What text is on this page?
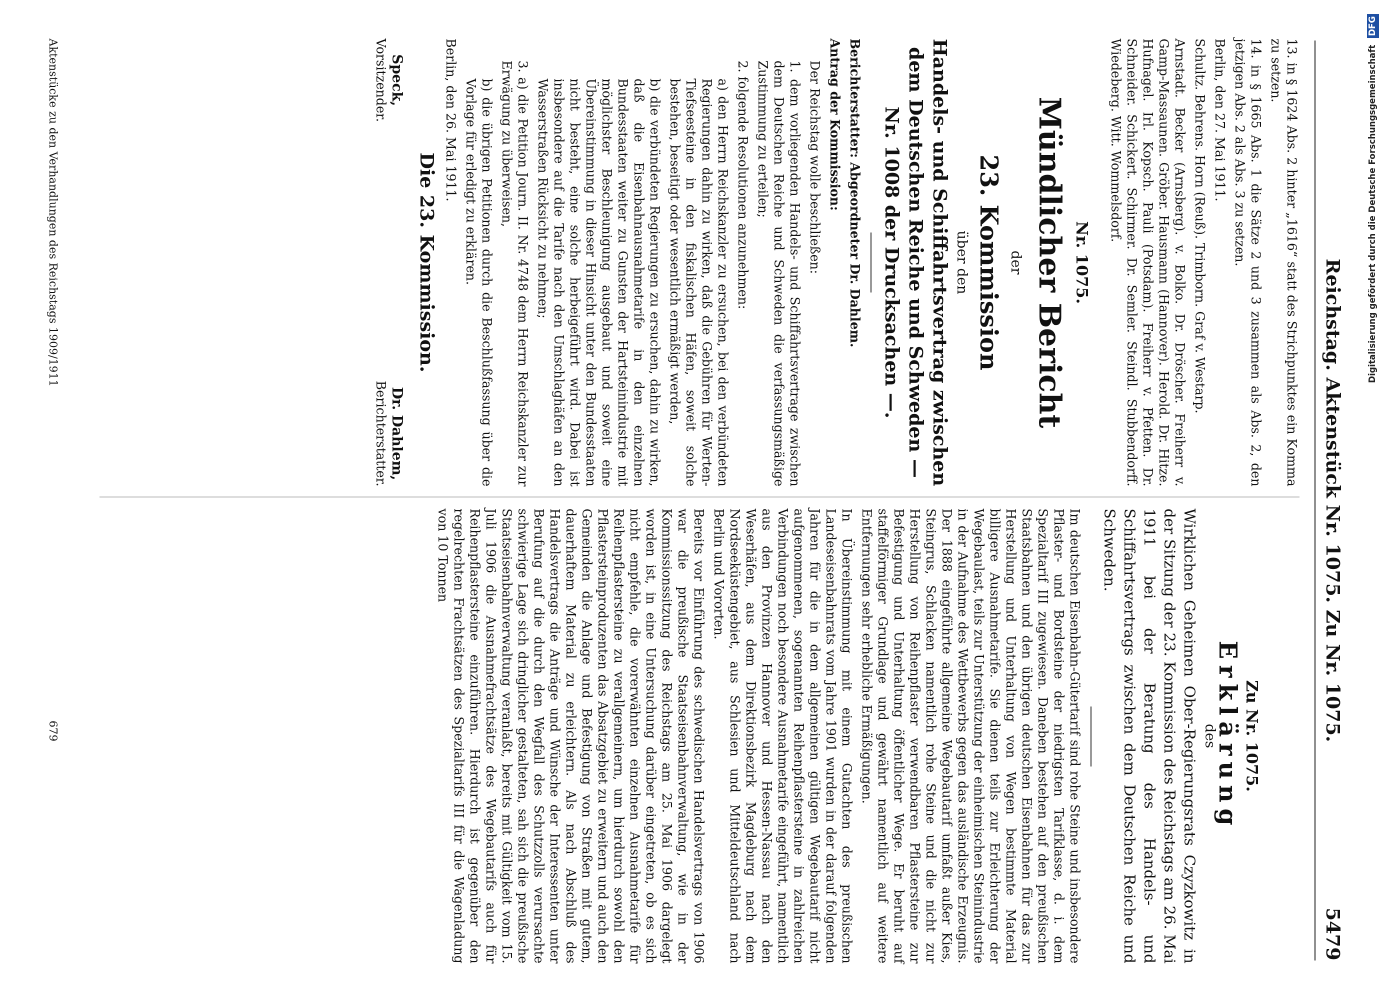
Reichstag. Aktenstück Nr. 1075. Zu Nr. 1075.
5479

13. in § 1624 Abs. 2 hinter „1616“ statt des Strichpunktes ein Komma zu setzen.

14. in § 1665 Abs. 1 die Sätze 2 und 3 zusammen als Abs. 2, den jetzigen Abs. 2 als Abs. 3 zu setzen.

Berlin, den 27. Mai 1911.

Schultz. Behrens. Horn (Reuß). Trimborn. Graf v. Westarp.

Arnstadt. Becker (Arnsberg). v. Bolko. Dr. Dröscher. Freiherr v. Gamp-Massaunen. Gröber. Hausmann (Hannover). Herold. Dr. Hitze. Hufnagel. Irl. Kopsch. Pauli (Potsdam). Freiherr v. Pfetten. Dr. Schneider. Schickert. Schirmer. Dr. Semler. Steindl. Stubbendorff. Wiedeberg. Witt. Wommelsdorf.

Nr. 1075.
Mündlicher Bericht
der
23. Kommission
über den
Handels- und Schiffahrtsvertrag zwischen dem Deutschen Reiche und Schweden — Nr. 1008 der Drucksachen —.

Berichterstatter: Abgeordneter Dr. Dahlem.

Antrag der Kommission:

Der Reichstag wolle beschließen:

1. dem vorliegenden Handels- und Schiffahrtsvertrage zwischen dem Deutschen Reiche und Schweden die verfassungsmäßige Zustimmung zu erteilen;

2. folgende Resolutionen anzunehmen:

a) den Herrn Reichskanzler zu ersuchen, bei den verbündeten Regierungen dahin zu wirken, daß die Gebühren für Werten-Tiefseesteine in den fiskalischen Häfen, soweit solche bestehen, beseitigt oder wesentlich ermäßigt werden,

b) die verbündeten Regierungen zu ersuchen, dahin zu wirken, daß die Eisenbahnausnahmetarife in den einzelnen Bundesstaaten weiter zu Gunsten der Hartsteinindustrie mit möglichster Beschleunigung ausgebaut und soweit eine Übereinstimmung in dieser Hinsicht unter den Bundesstaaten nicht besteht, eine solche herbeigeführt wird. Dabei ist insbesondere auf die Tarife nach den Umschlaghäfen an den Wasserstraßen Rücksicht zu nehmen;

3. a) die Petition Journ. II. Nr. 4748 dem Herrn Reichskanzler zur Erwägung zu überweisen,

b) die übrigen Petitionen durch die Beschlußfassung über die Vorlage für erledigt zu erklären.

Berlin, den 26. Mai 1911.

Die 23. Kommission.
Speck,
Vorsitzender.
Dr. Dahlem,
Berichterstatter.
Zu Nr. 1075.
Erklärung
des

Wirklichen Geheimen Ober-Regierungsrats Czyzkowitz in der Sitzung der 23. Kommission des Reichstags am 26. Mai 1911 bei der Beratung des Handels- und Schiffahrtsvertrags zwischen dem Deutschen Reiche und Schweden.

Im deutschen Eisenbahn-Gütertarif sind rohe Steine und insbesondere Pflaster- und Bordsteine der niedrigsten Tarifklasse, d. i. dem Spezialtarif III zugewiesen. Daneben bestehen auf den preußischen Staatsbahnen und den übrigen deutschen Eisenbahnen für das zur Herstellung und Unterhaltung von Wegen bestimmte Material billigere Ausnahmetarife. Sie dienen teils zur Erleichterung der Wegebaulast, teils zur Unterstützung der einheimischen Steinindustrie in der Aufnahme des Wettbewerbs gegen das ausländische Erzeugnis. Der 1888 eingeführte allgemeine Wegebautarif umfaßt außer Kies, Steingrus, Schlacken namentlich rohe Steine und die nicht zur Herstellung von Reihenpflaster verwendbaren Pflastersteine zur Befestigung und Unterhaltung öffentlicher Wege. Er beruht auf staffelförmiger Grundlage und gewährt namentlich auf weitere Entfernungen sehr erhebliche Ermäßigungen.

In Übereinstimmung mit einem Gutachten des preußischen Landeseisenbahnrats vom Jahre 1901 wurden in der darauf folgenden Jahren für die in dem allgemeinen gültigen Wegebautarif nicht aufgenommenen, sogenannten Reihenpflastersteine in zahlreichen Verbindungen noch besondere Ausnahmetarife eingeführt, namentlich aus den Provinzen Hannover und Hessen-Nassau nach den Weserhäfen, aus dem Direktionsbezirk Magdeburg nach dem Nordseeküstengebiet, aus Schlesien und Mitteldeutschland nach Berlin und Vororten.

Bereits vor Einführung des schwedischen Handelsvertrags von 1906 war die preußische Staatseisenbahnverwaltung, wie in der Kommissionssitzung des Reichstags am 25. Mai 1906 dargelegt worden ist, in eine Untersuchung darüber eingetreten, ob es sich nicht empfehle, die vorerwähnten einzelnen Ausnahmetarife für Reihenpflastersteine zu verallgemeinern, um hierdurch sowohl den Pflastersteinproduzenten das Absatzgebiet zu erweitern und auch den Gemeinden die Anlage und Befestigung von Straßen mit gutem, dauerhaftem Material zu erleichtern. Als nach Abschluß des Handelsvertrags die Anträge und Wünsche der Interessenten unter Berufung auf die durch den Wegfall des Schutzzolls verursachte schwierige Lage sich dringlicher gestalteten, sah sich die preußische Staatseisenbahnverwaltung veranlaßt, bereits mit Gültigkeit vom 15. Juli 1906 die Ausnahmefrachtsätze des Wegebautarifs auch für Reihenpflastersteine einzuführen. Hierdurch ist gegenüber den regelrechten Frachtsätzen des Spezialtarifs III für die Wagenladung von 10 Tonnen

Aktenstücke zu den Verhandlungen des Reichstags 1909/1911
679
Digitalisierung gefördert durch die Deutsche Forschungsgemeinschaft DFG
